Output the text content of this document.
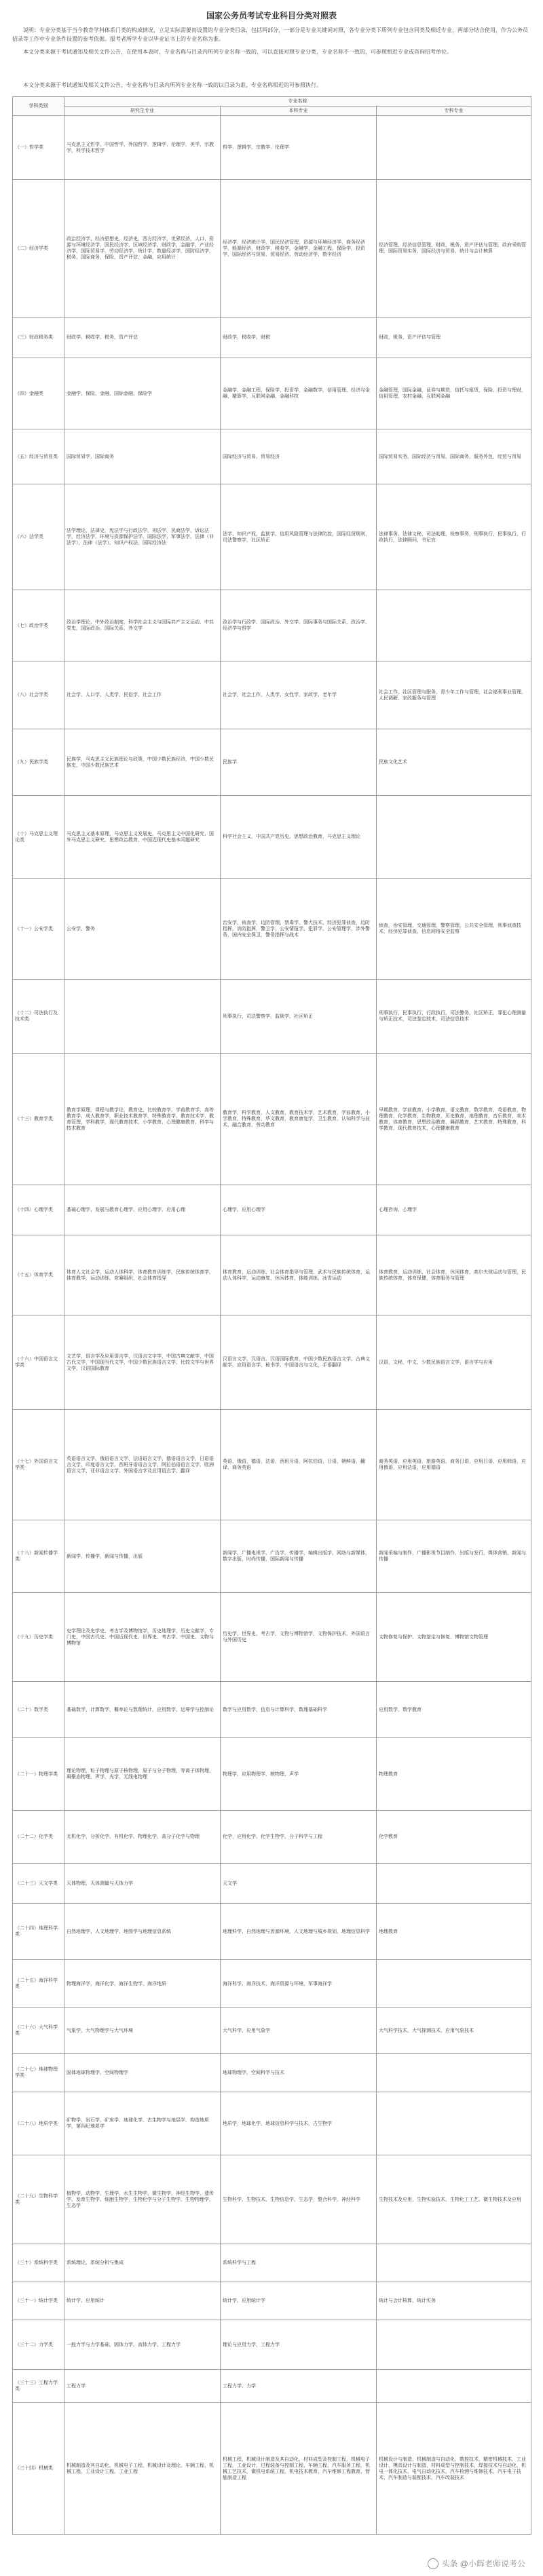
国家公务员考试专业科目分类对照表

说明：专业分类基于当今教育学科体系门类的构成情况，立足实际需要而设置的专业分类目录，包括两部分，一部分是专业关键词对照，各专业分类下所列专业包含同类及相近专业，两部分结合使用，作为公务员招录等工作中专业条件设置的参考依据。报考者所学专业以毕业证书上的专业名称为准。

本文分类来源于考试通知及相关文件公告，在使用本表时，专业名称与目录内所列专业名称一致的，可以直接对照专业分类，专业名称不一致的，可参照相近专业或咨询招考单位。

本文分类来源于考试通知及相关文件公告，专业名称与目录内所列专业名称一致的以目录为准，专业名称相近的可参照执行。
学科类别	专业名称		
	研究生专业	本科专业	专科专业
（一）哲学类	马克思主义哲学，中国哲学，外国哲学，逻辑学，伦理学，美学，宗教学，科学技术哲学	哲学，逻辑学，宗教学，伦理学	
（二）经济学类	政治经济学，经济思想史，经济史，西方经济学，世界经济，人口、资源与环境经济学，国民经济学，区域经济学，财政学，金融学，产业经济学，国际贸易学，劳动经济学，统计学，数量经济学，国防经济学，税务，国际商务，保险，资产评估，金融，应用统计	经济学，经济统计学，国民经济管理，资源与环境经济学，商务经济学，能源经济，财政学，税收学，金融学，金融工程，保险学，投资学，国际经济与贸易，贸易经济，劳动经济学，数字经济	经济管理，经济信息管理，财政，税务，资产评估与管理，政府采购管理，国际贸易实务，国际经济与贸易，统计与会计核算
（三）财政税务类	财政学，税收学，税务，资产评估	财政学，税收学，财税	财政，税务，资产评估与管理
（四）金融类	金融学，保险，金融，国际金融，保险学	金融学，金融工程，保险学，投资学，金融数学，信用管理，经济与金融，精算学，互联网金融，金融科技	金融管理，国际金融，证券与期货，信托与租赁，保险，投资与理财，信用管理，农村金融，互联网金融
（五）经济与贸易类	国际贸易学，国际商务	国际经济与贸易，贸易经济	国际贸易实务，国际经济与贸易，国际商务，服务外包，经贸与贸易
（六）法学类	法学理论，法律史，宪法学与行政法学，刑法学，民商法学，诉讼法学，经济法学，环境与资源保护法学，国际法学，军事法学，法律（非法学），法律（法学），知识产权法，国际经济法	法学，知识产权，监狱学，信用风险管理与法律防控，国际经贸规则，司法警察学，社区矫正	法律事务，法律文秘，司法助理，检察事务，刑事执行，民事执行，行政执行，法律顾问，书记官
（七）政治学类	政治学理论，中外政治制度，科学社会主义与国际共产主义运动，中共党史，国际政治，国际关系，外交学	政治学与行政学，国际政治，外交学，国际事务与国际关系，政治学、经济学与哲学	
（八）社会学类	社会学，人口学，人类学，民俗学，社会工作	社会学，社会工作，人类学，女性学，家政学，老年学	社会工作，社区管理与服务，青少年工作与管理，社会福利事业管理，人民调解，家政服务与管理
（九）民族学类	民族学，马克思主义民族理论与政策，中国少数民族经济，中国少数民族史，中国少数民族艺术	民族学	民族文化艺术
（十）马克思主义理论类	马克思主义基本原理，马克思主义发展史，马克思主义中国化研究，国外马克思主义研究，思想政治教育，中国近现代史基本问题研究	科学社会主义，中国共产党历史，思想政治教育，马克思主义理论	
（十一）公安学类	公安学，警务	治安学，侦查学，边防管理，禁毒学，警犬技术，经济犯罪侦查，边防指挥，消防指挥，警卫学，公安情报学，犯罪学，公安管理学，涉外警务，国内安全保卫，警务指挥与战术	侦查，治安管理，交通管理，警察管理，公共安全管理，刑事侦查技术，经济犯罪侦查，信息网络安全监察
（十二）司法执行及技术类		刑事执行，司法警察学，监狱学，社区矫正	刑事执行，民事执行，行政执行，司法警务，社区矫正，罪犯心理测量与矫正技术，司法鉴定技术，司法信息技术
（十三）教育学类	教育学原理，课程与教学论，教育史，比较教育学，学前教育学，高等教育学，成人教育学，职业技术教育学，特殊教育学，教育技术学，教育管理，学科教学，现代教育技术，小学教育，心理健康教育，科学与技术教育	教育学，科学教育，人文教育，教育技术学，艺术教育，学前教育，小学教育，特殊教育，华文教育，教育康复学，卫生教育，认知科学与技术，融合教育，劳动教育	早期教育，学前教育，小学教育，语文教育，数学教育，英语教育，物理教育，化学教育，生物教育，历史教育，地理教育，音乐教育，美术教育，体育教育，思想政治教育，舞蹈教育，艺术教育，特殊教育，科学教育，现代教育技术，心理健康教育
（十四）心理学类	基础心理学，发展与教育心理学，应用心理学，应用心理	心理学，应用心理学	心理咨询，心理学
（十五）体育学类	体育人文社会学，运动人体科学，体育教育训练学，民族传统体育学，体育教学，运动训练，竞赛组织，社会体育指导	体育教育，运动训练，社会体育指导与管理，武术与民族传统体育，运动人体科学，运动康复，休闲体育，体能训练，冰雪运动	体育教育，运动训练，社会体育，休闲体育，高尔夫球运动与管理，民族传统体育，体育保健，体育服务与管理
（十六）中国语言文学类	文艺学，语言学及应用语言学，汉语言文字学，中国古典文献学，中国古代文学，中国现当代文学，中国少数民族语言文学，比较文学与世界文学，汉语国际教育	汉语言文学，汉语言，汉语国际教育，中国少数民族语言文学，古典文献学，应用语言学，秘书学，中国语言与文化，手语翻译	汉语，文秘，中文，少数民族语言文学，语言学与应用
（十七）外国语言文学类	英语语言文学，俄语语言文学，法语语言文学，德语语言文学，日语语言文学，印度语言文学，西班牙语语言文学，阿拉伯语语言文学，欧洲语言文学，亚非语言文学，外国语言学及应用语言学，翻译	英语，俄语，德语，法语，西班牙语，阿拉伯语，日语，朝鲜语，翻译，商务英语	商务英语，应用英语，旅游英语，商务日语，应用日语，应用韩语，应用俄语，应用法语，应用德语
（十八）新闻传播学类	新闻学，传播学，新闻与传播，出版	新闻学，广播电视学，广告学，传播学，编辑出版学，网络与新媒体，数字出版，时尚传播，国际新闻与传播	新闻采编与制作，广播影视节目制作，出版与发行，媒体营销，新闻与传播
（十九）历史学类	史学理论及史学史，考古学及博物馆学，历史地理学，历史文献学，专门史，中国古代史，中国近现代史，世界史，考古学，中国史，文物与博物馆	历史学，世界史，考古学，文物与博物馆学，文物保护技术，外国语言与外国历史	文物修复与保护，文物鉴定与修复，博物馆文物管理
（二十）数学类	基础数学，计算数学，概率论与数理统计，应用数学，运筹学与控制论	数学与应用数学，信息与计算科学，数理基础科学	应用数学，数学教育
（二十一）物理学类	理论物理，粒子物理与原子核物理，原子与分子物理，等离子体物理，凝聚态物理，声学，光学，无线电物理	物理学，应用物理学，核物理，声学	物理教育
（二十二）化学类	无机化学，分析化学，有机化学，物理化学，高分子化学与物理	化学，应用化学，化学生物学，分子科学与工程	化学教育
（二十三）天文学类	天体物理，天体测量与天体力学	天文学	
（二十四）地理科学类	自然地理学，人文地理学，地图学与地理信息系统	地理科学，自然地理与资源环境，人文地理与城乡规划，地理信息科学	地理教育
（二十五）海洋科学类	物理海洋学，海洋化学，海洋生物学，海洋地质	海洋科学，海洋技术，海洋资源与环境，军事海洋学	
（二十六）大气科学类	气象学，大气物理学与大气环境	大气科学，应用气象学	大气科学技术，大气探测技术，应用气象技术
（二十七）地球物理学类	固体地球物理学，空间物理学	地球物理学，空间科学与技术	
（二十八）地质学类	矿物学，岩石学，矿床学，地球化学，古生物学与地层学，构造地质学，第四纪地质学	地质学，地球化学，地球信息科学与技术，古生物学	
（二十九）生物科学类	植物学，动物学，生理学，水生生物学，微生物学，神经生物学，遗传学，发育生物学，细胞生物学，生物化学与分子生物学，生物物理学，生态学	生物科学，生物技术，生物信息学，生态学，整合科学，神经科学	生物技术及应用，生物实验技术，生物化工工艺，微生物技术及应用
（三十）系统科学类	系统理论，系统分析与集成	系统科学与工程	
（三十一）统计学类	统计学，应用统计	统计学，应用统计学	统计与会计核算，统计实务
（三十二）力学类	一般力学与力学基础，固体力学，流体力学，工程力学	理论与应用力学，工程力学	
（三十三）工程力学类	工程力学	工程力学，力学	
（三十四）机械类	机械制造及其自动化，机械电子工程，机械设计及理论，车辆工程，机械工程，工业设计工程，工业工程	机械工程，机械设计制造及其自动化，材料成型及控制工程，机械电子工程，工业设计，过程装备与控制工程，车辆工程，汽车服务工程，机械工艺技术，微机电系统工程，机电技术教育，汽车维修工程教育，智能制造工程	机械设计与制造，机械制造与自动化，数控技术，精密机械技术，工业设计，模具设计与制造，材料成型与控制技术，焊接技术与自动化，机电一体化技术，电气自动化技术，汽车检测与维修技术，汽车电子技术，汽车制造与装配技术，汽车改装技术
头条 @小辉老师说考公
